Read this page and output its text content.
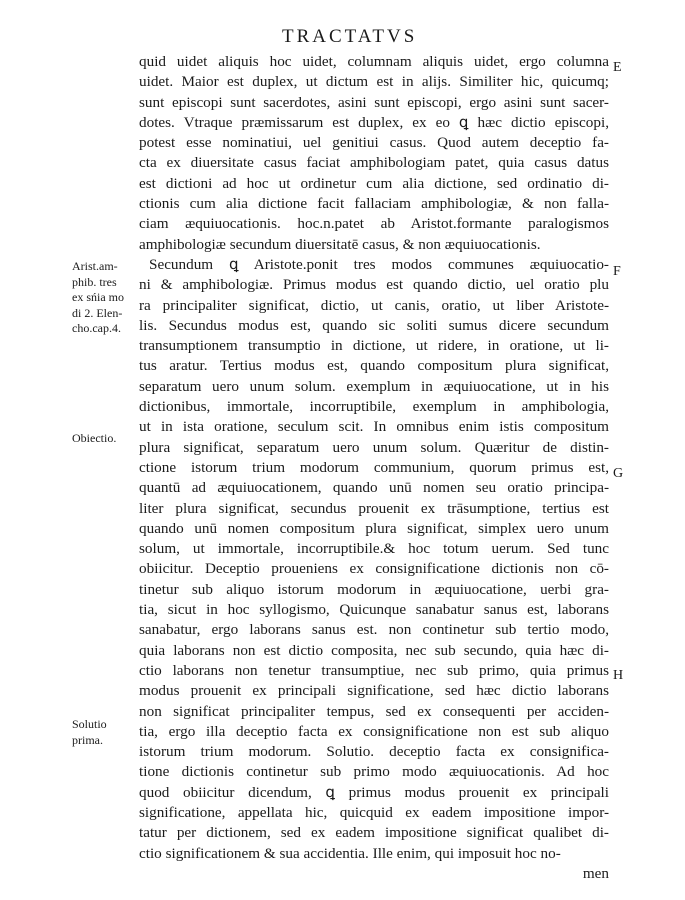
TRACTATVS
quid uidet aliquis hoc uidet, columnam aliquis uidet, ergo columna
uidet. Maior est duplex, ut dictum est in alijs. Similiter hic, quicumq;
sunt episcopi sunt sacerdotes, asini sunt episcopi, ergo asini sunt sacer-
dotes. Vtraque præmissarum est duplex, ex eo ꝗ hæc dictio episcopi,
potest esse nominatiui, uel genitiui casus. Quod autem deceptio fa-
cta ex diuersitate casus faciat amphibologiam patet, quia casus datus
est dictioni ad hoc ut ordinetur cum alia dictione, sed ordinatio di-
ctionis cum alia dictione facit fallaciam amphibologiæ, & non falla-
ciam æquiuocationis. hoc.n.patet ab Aristot.formante paralogismos
amphibologiæ secundum diuersitatē casus, & non æquiuocationis.
Secundum ꝗ Aristote.ponit tres modos communes æquiuocatio-
ni & amphibologiæ. Primus modus est quando dictio, uel oratio plu
ra principaliter significat, dictio, ut canis, oratio, ut liber Aristote-
lis. Secundus modus est, quando sic soliti sumus dicere secundum
transumptionem transumptio in dictione, ut ridere, in oratione, ut li-
tus aratur. Tertius modus est, quando compositum plura significat,
separatum uero unum solum. exemplum in æquiuocatione, ut in his
dictionibus, immortale, incorruptibile, exemplum in amphibologia,
ut in ista oratione, seculum scit. In omnibus enim istis compositum
plura significat, separatum uero unum solum. Quæritur de distin-
ctione istorum trium modorum communium, quorum primus est,
quantū ad æquiuocationem, quando unū nomen seu oratio principa-
liter plura significat, secundus prouenit ex trāsumptione, tertius est
quando unū nomen compositum plura significat, simplex uero unum
solum, ut immortale, incorruptibile.& hoc totum uerum. Sed tunc
obiicitur. Deceptio proueniens ex consignificatione dictionis non cō-
tinetur sub aliquo istorum modorum in æquiuocatione, uerbi gra-
tia, sicut in hoc syllogismo, Quicunque sanabatur sanus est, laborans
sanabatur, ergo laborans sanus est. non continetur sub tertio modo,
quia laborans non est dictio composita, nec sub secundo, quia hæc di-
ctio laborans non tenetur transumptiue, nec sub primo, quia primus
modus prouenit ex principali significatione, sed hæc dictio laborans
non significat principaliter tempus, sed ex consequenti per acciden-
tia, ergo illa deceptio facta ex consignificatione non est sub aliquo
istorum trium modorum. Solutio. deceptio facta ex consignifica-
tione dictionis continetur sub primo modo æquiuocationis. Ad hoc
quod obiicitur dicendum, ꝗ primus modus prouenit ex principali
significatione, appellata hic, quicquid ex eadem impositione impor-
tatur per dictionem, sed ex eadem impositione significat qualibet di-
ctio significationem & sua accidentia. Ille enim, qui imposuit hoc no-
men
Arist.am-
phib. tres
ex sńia mo
di 2. Elen-
cho.cap.4.
Obiectio.
Solutio
prima.
E
F
G
H
